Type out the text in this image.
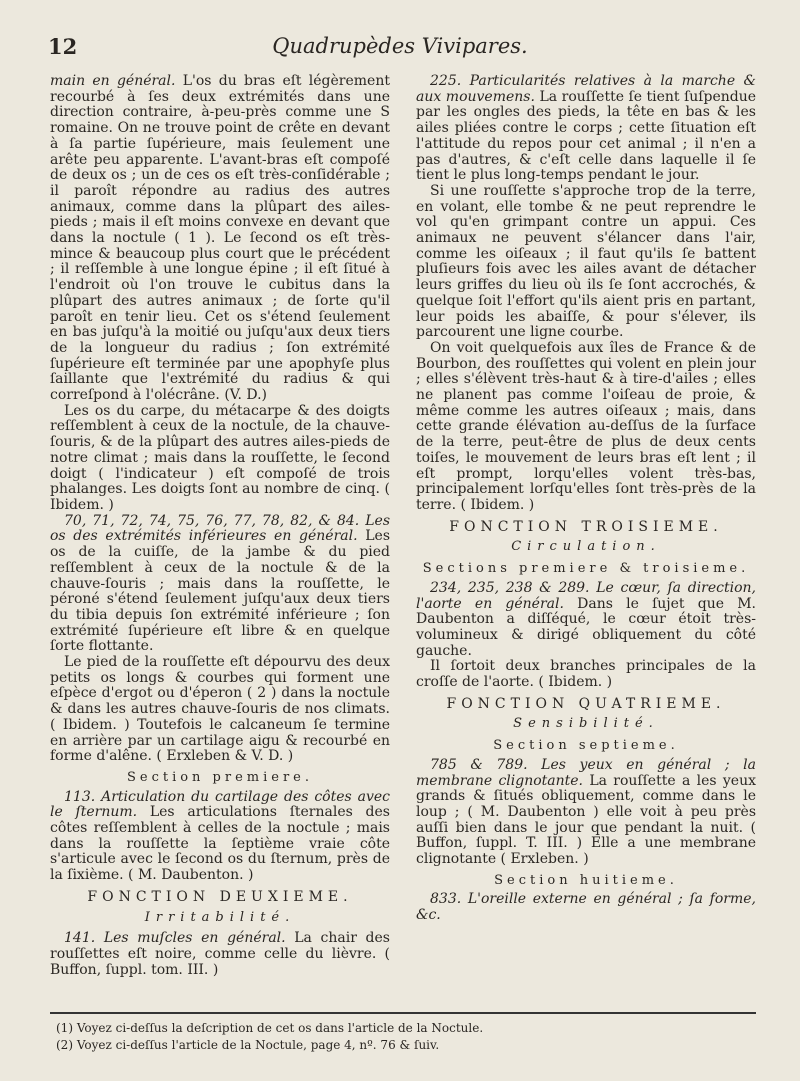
12	Quadrupèdes Vivipares.

main en général. L'os du bras eſt légèrement recourbé à ſes deux extrémités dans une direction contraire, à-peu-près comme une S romaine. On ne trouve point de crête en devant à ſa partie ſupérieure, mais ſeulement une arête peu apparente. L'avant-bras eſt compoſé de deux os ; un de ces os eſt très-conſidérable ; il paroît répondre au radius des autres animaux, comme dans la plûpart des ailes-pieds ; mais il eſt moins convexe en devant que dans la noctule ( 1 ). Le ſecond os eſt très-mince & beaucoup plus court que le précédent ; il reſſemble à une longue épine ; il eſt ſitué à l'endroit où l'on trouve le cubitus dans la plûpart des autres animaux ; de ſorte qu'il paroît en tenir lieu. Cet os s'étend ſeulement en bas juſqu'à la moitié ou juſqu'aux deux tiers de la longueur du radius ; ſon extrémité ſupérieure eſt terminée par une apophyſe plus ſaillante que l'extrémité du radius & qui correſpond à l'olécrâne. (V. D.)

Les os du carpe, du métacarpe & des doigts reſſemblent à ceux de la noctule, de la chauve-ſouris, & de la plûpart des autres ailes-pieds de notre climat ; mais dans la rouſſette, le ſecond doigt ( l'indicateur ) eſt compoſé de trois phalanges. Les doigts ſont au nombre de cinq. ( Ibidem. )

70, 71, 72, 74, 75, 76, 77, 78, 82, & 84. Les os des extrémités inférieures en général. Les os de la cuiſſe, de la jambe & du pied reſſemblent à ceux de la noctule & de la chauve-ſouris ; mais dans la rouſſette, le péroné s'étend ſeulement juſqu'aux deux tiers du tibia depuis ſon extrémité inférieure ; ſon extrémité ſupérieure eſt libre & en quelque ſorte flottante.

Le pied de la rouſſette eſt dépourvu des deux petits os longs & courbes qui forment une eſpèce d'ergot ou d'éperon ( 2 ) dans la noctule & dans les autres chauve-ſouris de nos climats. ( Ibidem. ) Toutefois le calcaneum ſe termine en arrière par un cartilage aigu & recourbé en forme d'alêne. ( Erxleben & V. D. )

Section premiere.

113. Articulation du cartilage des côtes avec le ſternum. Les articulations ſternales des côtes reſſemblent à celles de la noctule ; mais dans la rouſſette la ſeptième vraie côte s'articule avec le ſecond os du ſternum, près de la ſixième. ( M. Daubenton. )

FONCTION DEUXIEME.
Irritabilité.

141. Les muſcles en général. La chair des rouſſettes eſt noire, comme celle du lièvre. ( Buffon, ſuppl. tom. III. )

225. Particularités relatives à la marche & aux mouvemens. La rouſſette ſe tient ſuſpendue par les ongles des pieds, la tête en bas & les ailes pliées contre le corps ; cette ſituation eſt l'attitude du repos pour cet animal ; il n'en a pas d'autres, & c'eſt celle dans laquelle il ſe tient le plus long-temps pendant le jour.

Si une rouſſette s'approche trop de la terre, en volant, elle tombe & ne peut reprendre le vol qu'en grimpant contre un appui. Ces animaux ne peuvent s'élancer dans l'air, comme les oiſeaux ; il faut qu'ils ſe battent pluſieurs fois avec les ailes avant de détacher leurs griffes du lieu où ils ſe ſont accrochés, & quelque ſoit l'effort qu'ils aient pris en partant, leur poids les abaiſſe, & pour s'élever, ils parcourent une ligne courbe.

On voit quelquefois aux îles de France & de Bourbon, des rouſſettes qui volent en plein jour ; elles s'élèvent très-haut & à tire-d'ailes ; elles ne planent pas comme l'oiſeau de proie, & même comme les autres oiſeaux ; mais, dans cette grande élévation au-deſſus de la ſurface de la terre, peut-être de plus de deux cents toiſes, le mouvement de leurs bras eſt lent ; il eſt prompt, lorqu'elles volent très-bas, principalement lorſqu'elles ſont très-près de la terre. ( Ibidem. )

FONCTION TROISIEME.
Circulation.
Sections premiere & troisieme.

234, 235, 238 & 289. Le cœur, ſa direction, l'aorte en général. Dans le ſujet que M. Daubenton a diſſéqué, le cœur étoit très-volumineux & dirigé obliquement du côté gauche.

Il ſortoit deux branches principales de la croſſe de l'aorte. ( Ibidem. )

FONCTION QUATRIEME.
Sensibilité.
Section septieme.

785 & 789. Les yeux en général ; la membrane clignotante. La rouſſette a les yeux grands & ſitués obliquement, comme dans le loup ; ( M. Daubenton ) elle voit à peu près auſſi bien dans le jour que pendant la nuit. ( Buffon, ſuppl. T. III. ) Elle a une membrane clignotante ( Erxleben. )

Section huitieme.

833. L'oreille externe en général ; ſa forme, &c.

(1) Voyez ci-deſſus la deſcription de cet os dans l'article de la Noctule.
(2) Voyez ci-deſſus l'article de la Noctule, page 4, nº. 76 & ſuiv.
